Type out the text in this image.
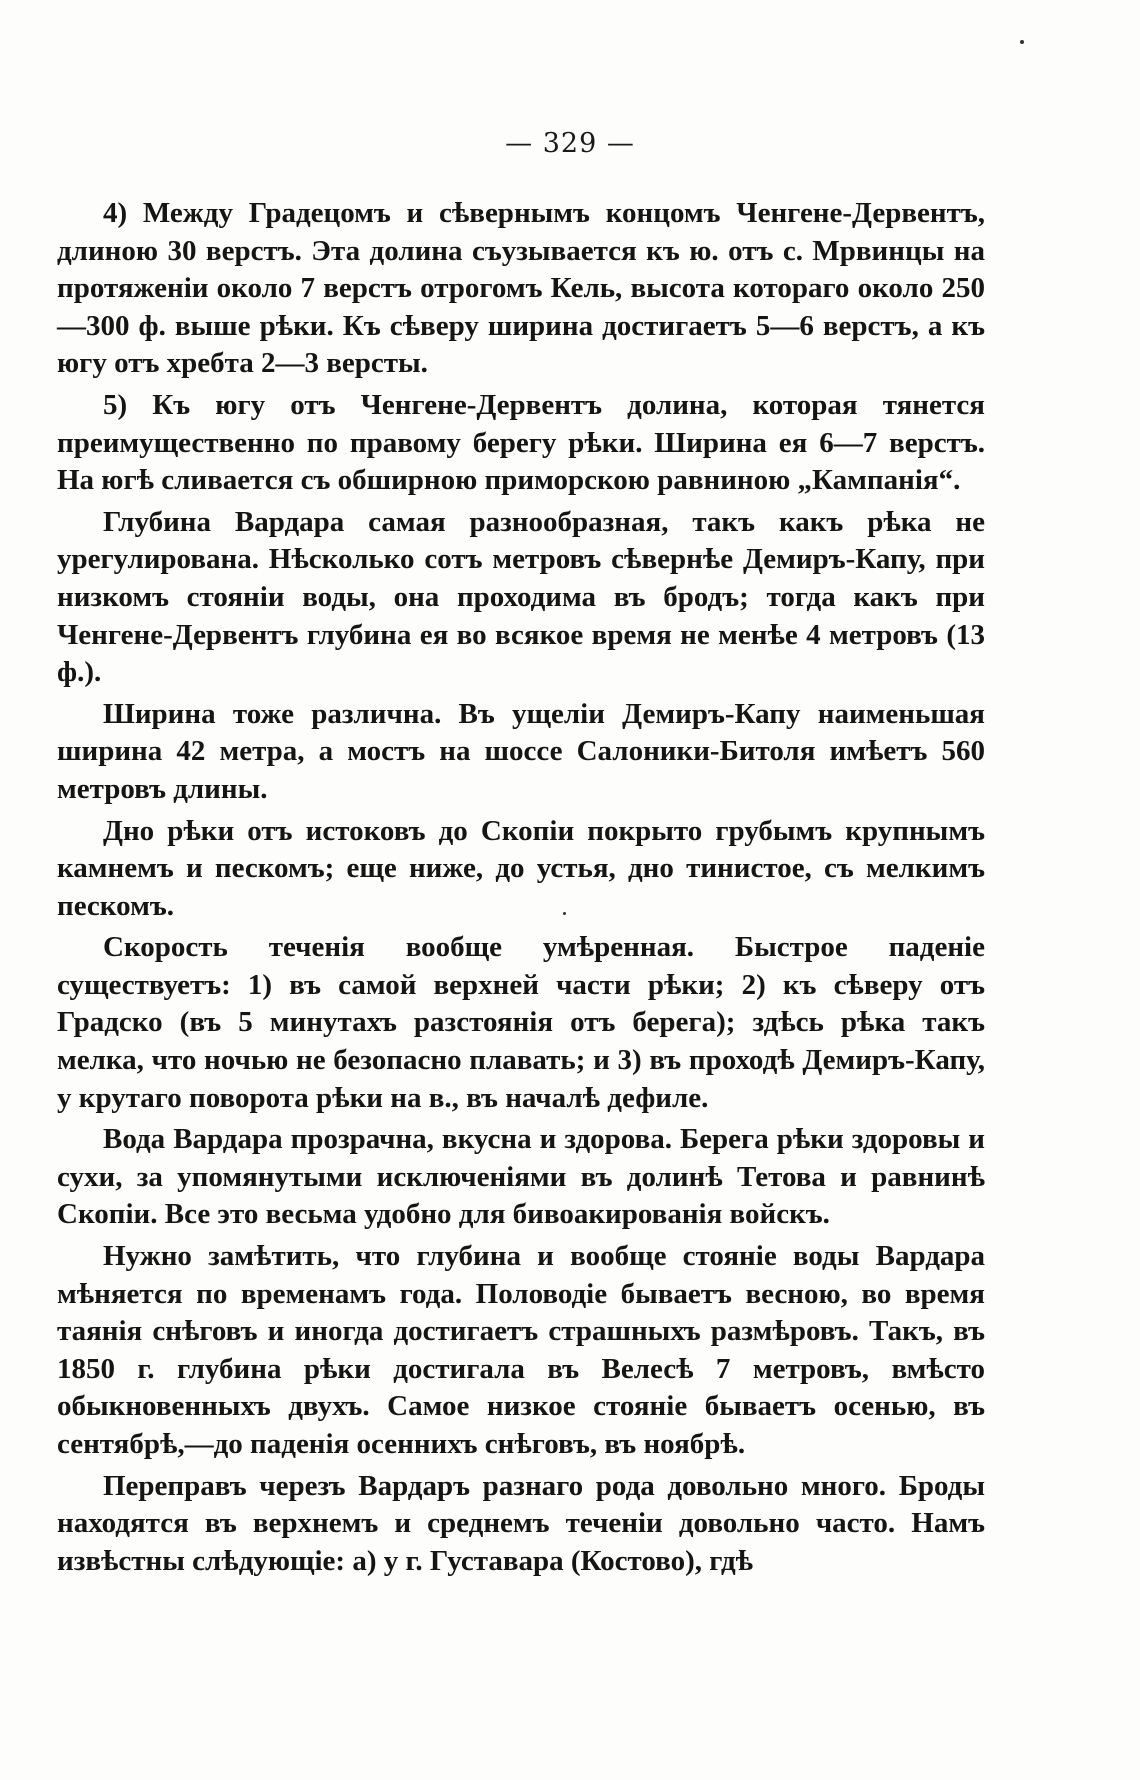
— 329 —

4) Между Градецомъ и сѣвернымъ концомъ Ченгене-Дервентъ, длиною 30 верстъ. Эта долина съузывается къ ю. отъ с. Мрвинцы на протяженіи около 7 верстъ отрогомъ Кель, высота котораго около 250—300 ф. выше рѣки. Къ сѣверу ширина достигаетъ 5—6 верстъ, а къ югу отъ хребта 2—3 версты.

5) Къ югу отъ Ченгене-Дервентъ долина, которая тянется преимущественно по правому берегу рѣки. Ширина ея 6—7 верстъ. На югѣ сливается съ обширною приморскою равниною „Кампанія“.

Глубина Вардара самая разнообразная, такъ какъ рѣка не урегулирована. Нѣсколько сотъ метровъ сѣвернѣе Демиръ-Капу, при низкомъ стояніи воды, она проходима въ бродъ; тогда какъ при Ченгене-Дервентъ глубина ея во всякое время не менѣе 4 метровъ (13 ф.).

Ширина тоже различна. Въ ущеліи Демиръ-Капу наименьшая ширина 42 метра, а мостъ на шоссе Салоники-Битоля имѣетъ 560 метровъ длины.

Дно рѣки отъ истоковъ до Скопіи покрыто грубымъ крупнымъ камнемъ и пескомъ; еще ниже, до устья, дно тинистое, съ мелкимъ пескомъ.

Скорость теченія вообще умѣренная. Быстрое паденіе существуетъ: 1) въ самой верхней части рѣки; 2) къ сѣверу отъ Градско (въ 5 минутахъ разстоянія отъ берега); здѣсь рѣка такъ мелка, что ночью не безопасно плавать; и 3) въ проходѣ Демиръ-Капу, у крутаго поворота рѣки на в., въ началѣ дефиле.

Вода Вардара прозрачна, вкусна и здорова. Берега рѣки здоровы и сухи, за упомянутыми исключеніями въ долинѣ Тетова и равнинѣ Скопіи. Все это весьма удобно для бивоакированія войскъ.

Нужно замѣтить, что глубина и вообще стояніе воды Вардара мѣняется по временамъ года. Половодіе бываетъ весною, во время таянія снѣговъ и иногда достигаетъ страшныхъ размѣровъ. Такъ, въ 1850 г. глубина рѣки достигала въ Велесѣ 7 метровъ, вмѣсто обыкновенныхъ двухъ. Самое низкое стояніе бываетъ осенью, въ сентябрѣ,—до паденія осеннихъ снѣговъ, въ ноябрѣ.

Переправъ черезъ Вардаръ разнаго рода довольно много. Броды находятся въ верхнемъ и среднемъ теченіи довольно часто. Намъ извѣстны слѣдующіе: а) у г. Густавара (Костово), гдѣ
